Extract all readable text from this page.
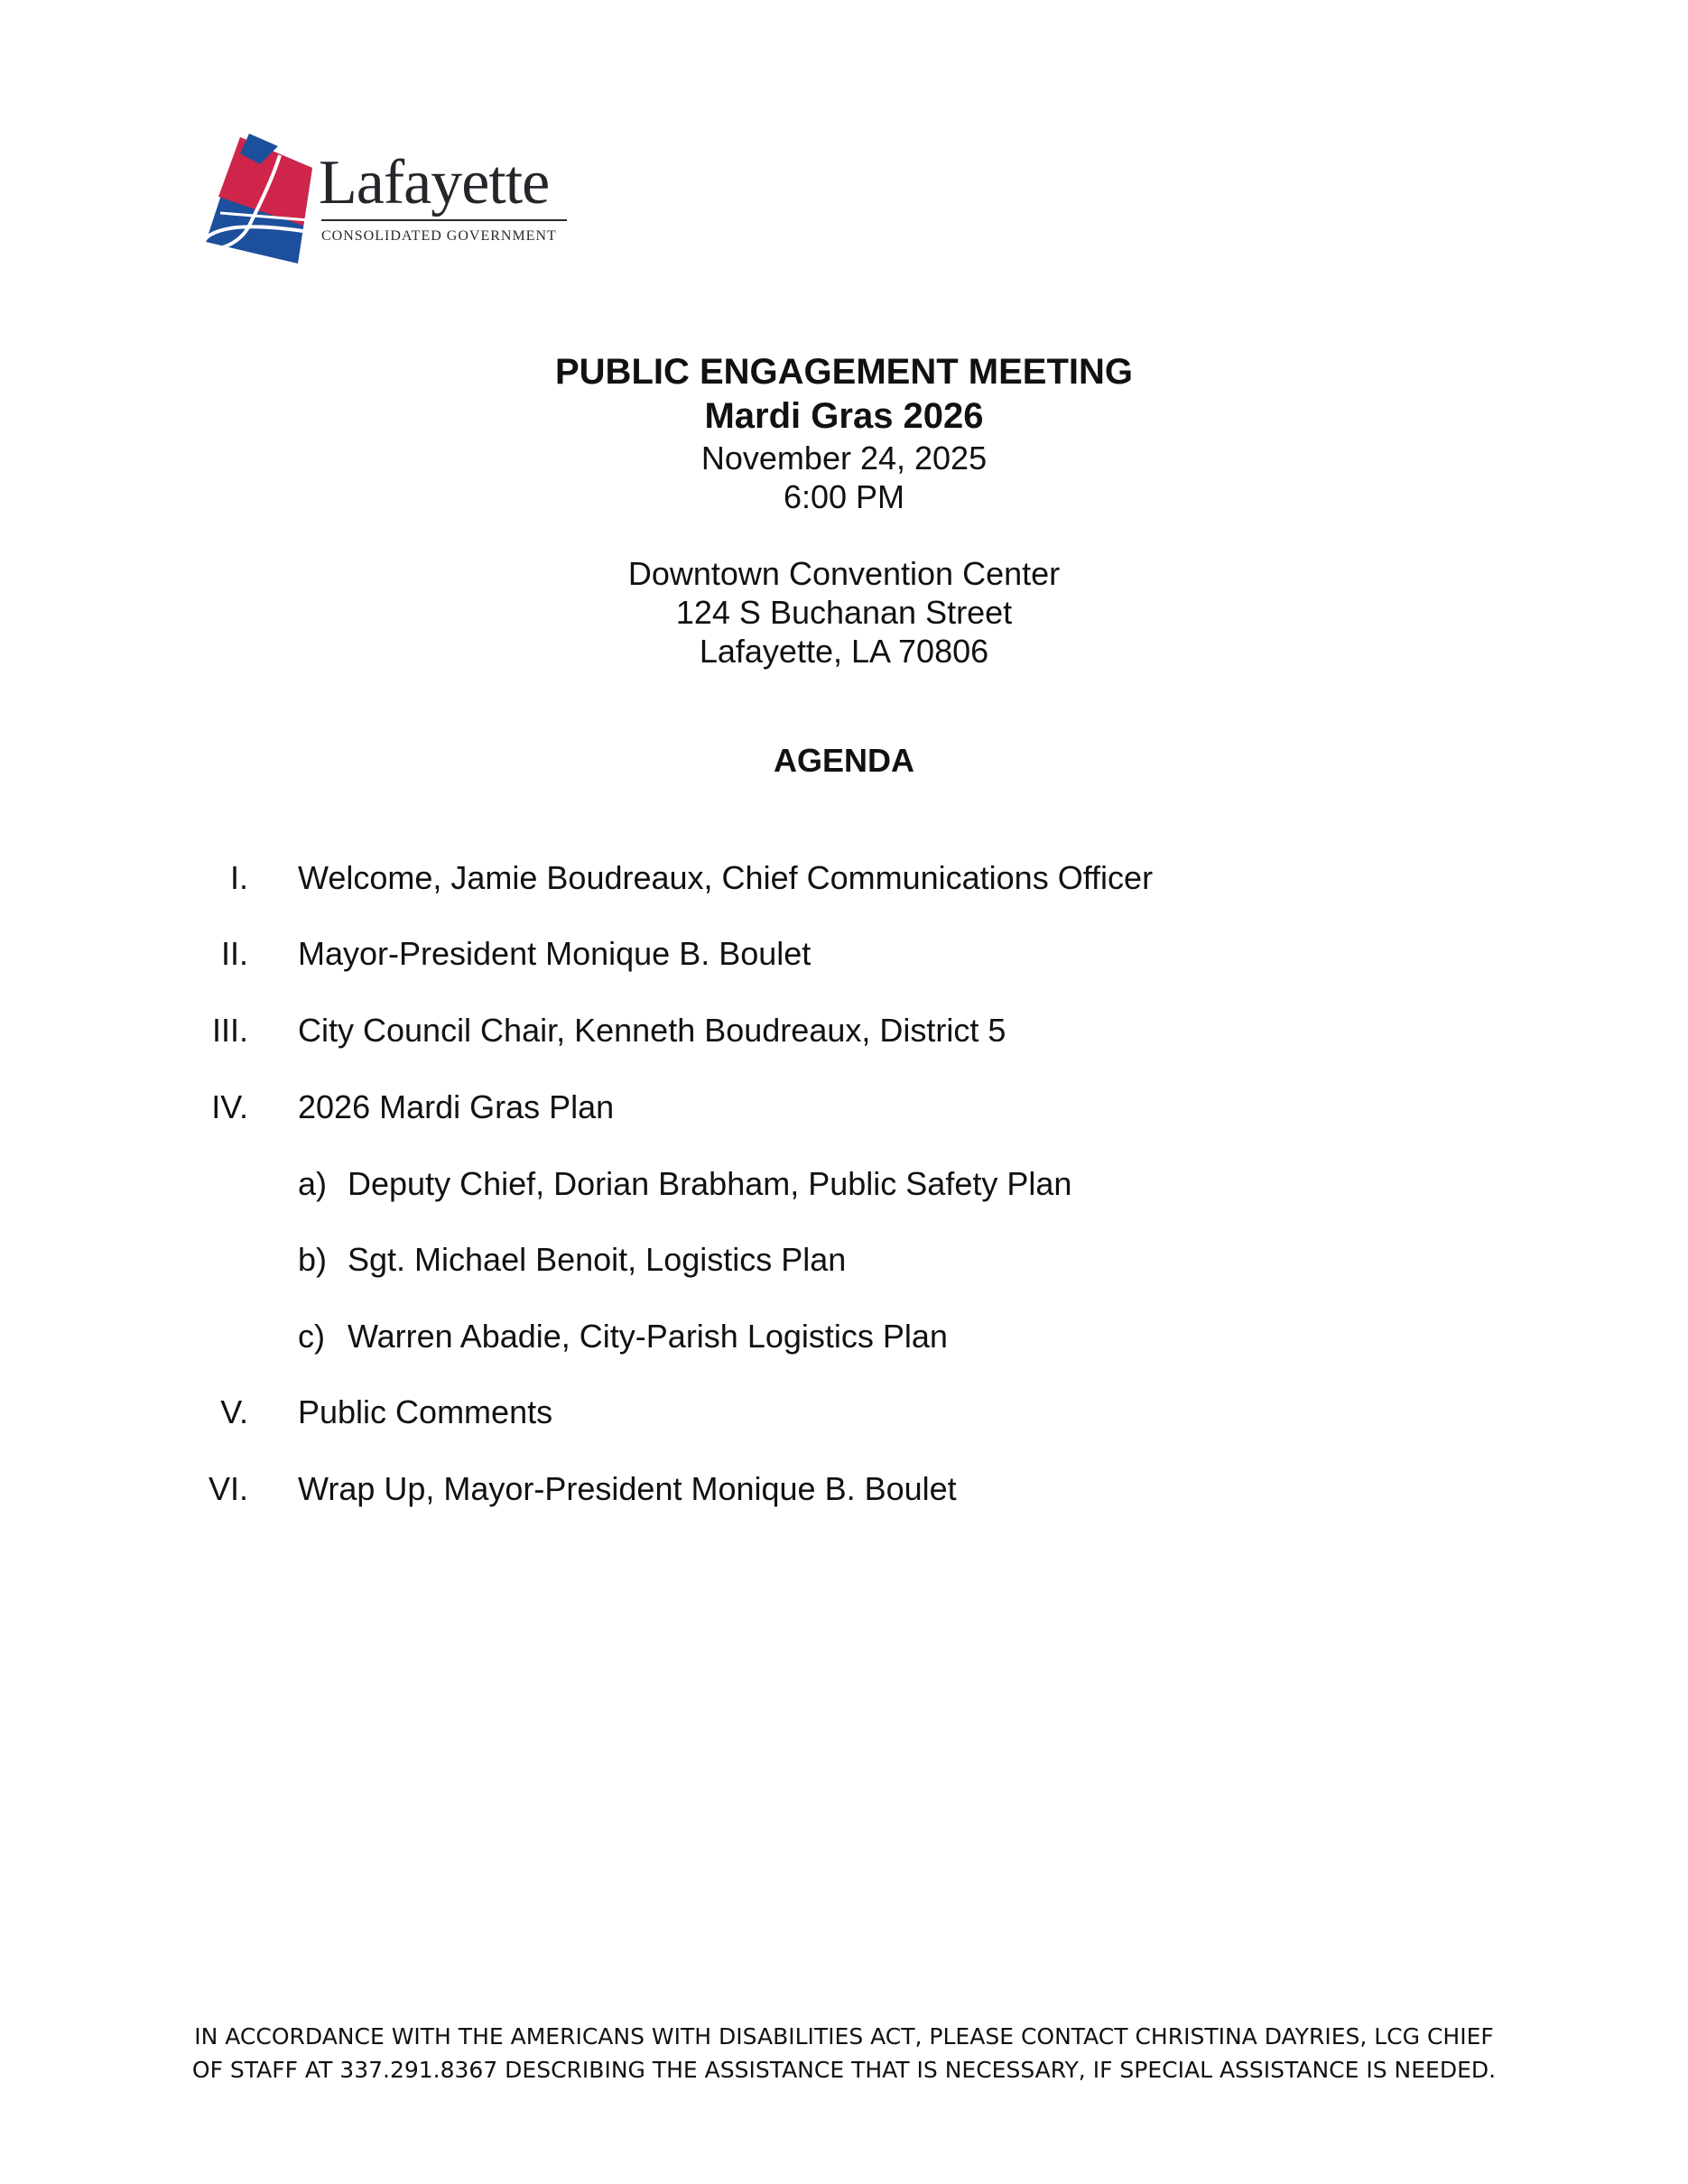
Lafayette
CONSOLIDATED GOVERNMENT
PUBLIC ENGAGEMENT MEETING
Mardi Gras 2026
November 24, 2025
6:00 PM
Downtown Convention Center
124 S Buchanan Street
Lafayette, LA 70806
AGENDA
I. Welcome, Jamie Boudreaux, Chief Communications Officer
II. Mayor-President Monique B. Boulet
III. City Council Chair, Kenneth Boudreaux, District 5
IV. 2026 Mardi Gras Plan
a) Deputy Chief, Dorian Brabham, Public Safety Plan
b) Sgt. Michael Benoit, Logistics Plan
c) Warren Abadie, City-Parish Logistics Plan
V. Public Comments
VI. Wrap Up, Mayor-President Monique B. Boulet
IN ACCORDANCE WITH THE AMERICANS WITH DISABILITIES ACT, PLEASE CONTACT CHRISTINA DAYRIES, LCG CHIEF
OF STAFF AT 337.291.8367 DESCRIBING THE ASSISTANCE THAT IS NECESSARY, IF SPECIAL ASSISTANCE IS NEEDED.
